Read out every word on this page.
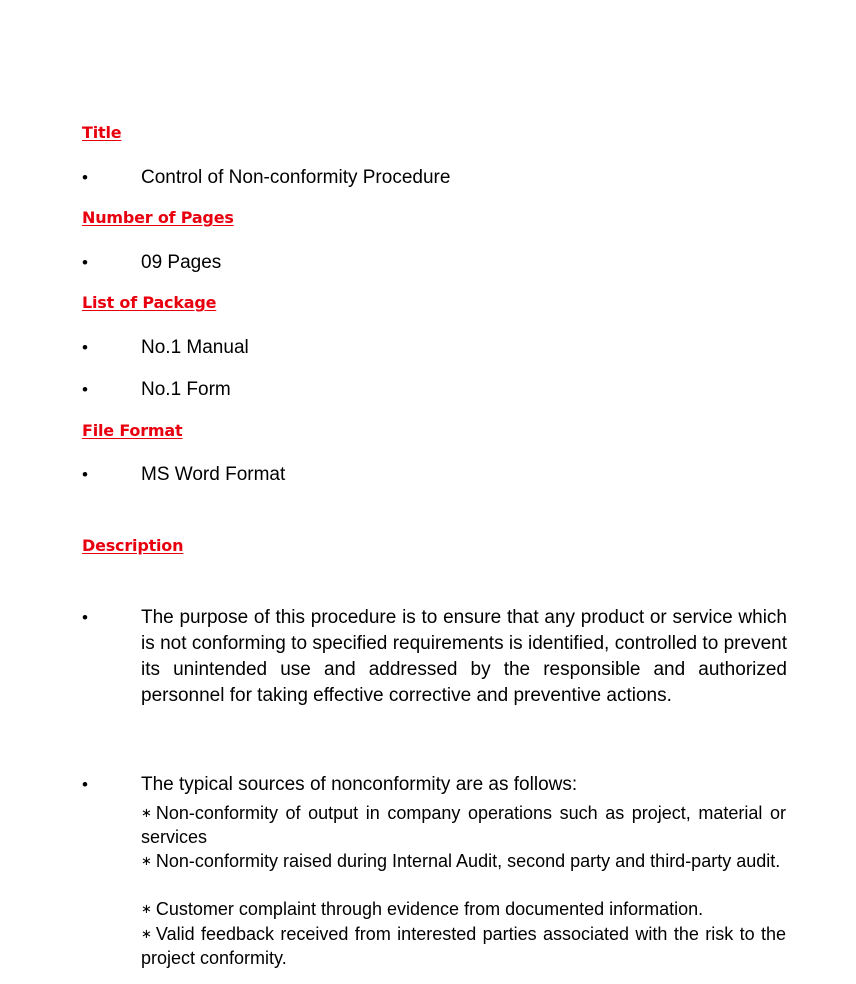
Title
•	Control of Non-conformity Procedure
Number of Pages
•	09 Pages
List of Package
•	No.1 Manual
•	No.1 Form
File Format
•	MS Word Format
Description
•	The purpose of this procedure is to ensure that any product or service which is not conforming to specified requirements is identified, controlled to prevent its unintended use and addressed by the responsible and authorized personnel for taking effective corrective and preventive actions.
•	The typical sources of nonconformity are as follows:
∗ Non-conformity of output in company operations such as project, material or services
∗ Non-conformity raised during Internal Audit, second party and third-party audit.
∗ Customer complaint through evidence from documented information.
∗ Valid feedback received from interested parties associated with the risk to the project conformity.
